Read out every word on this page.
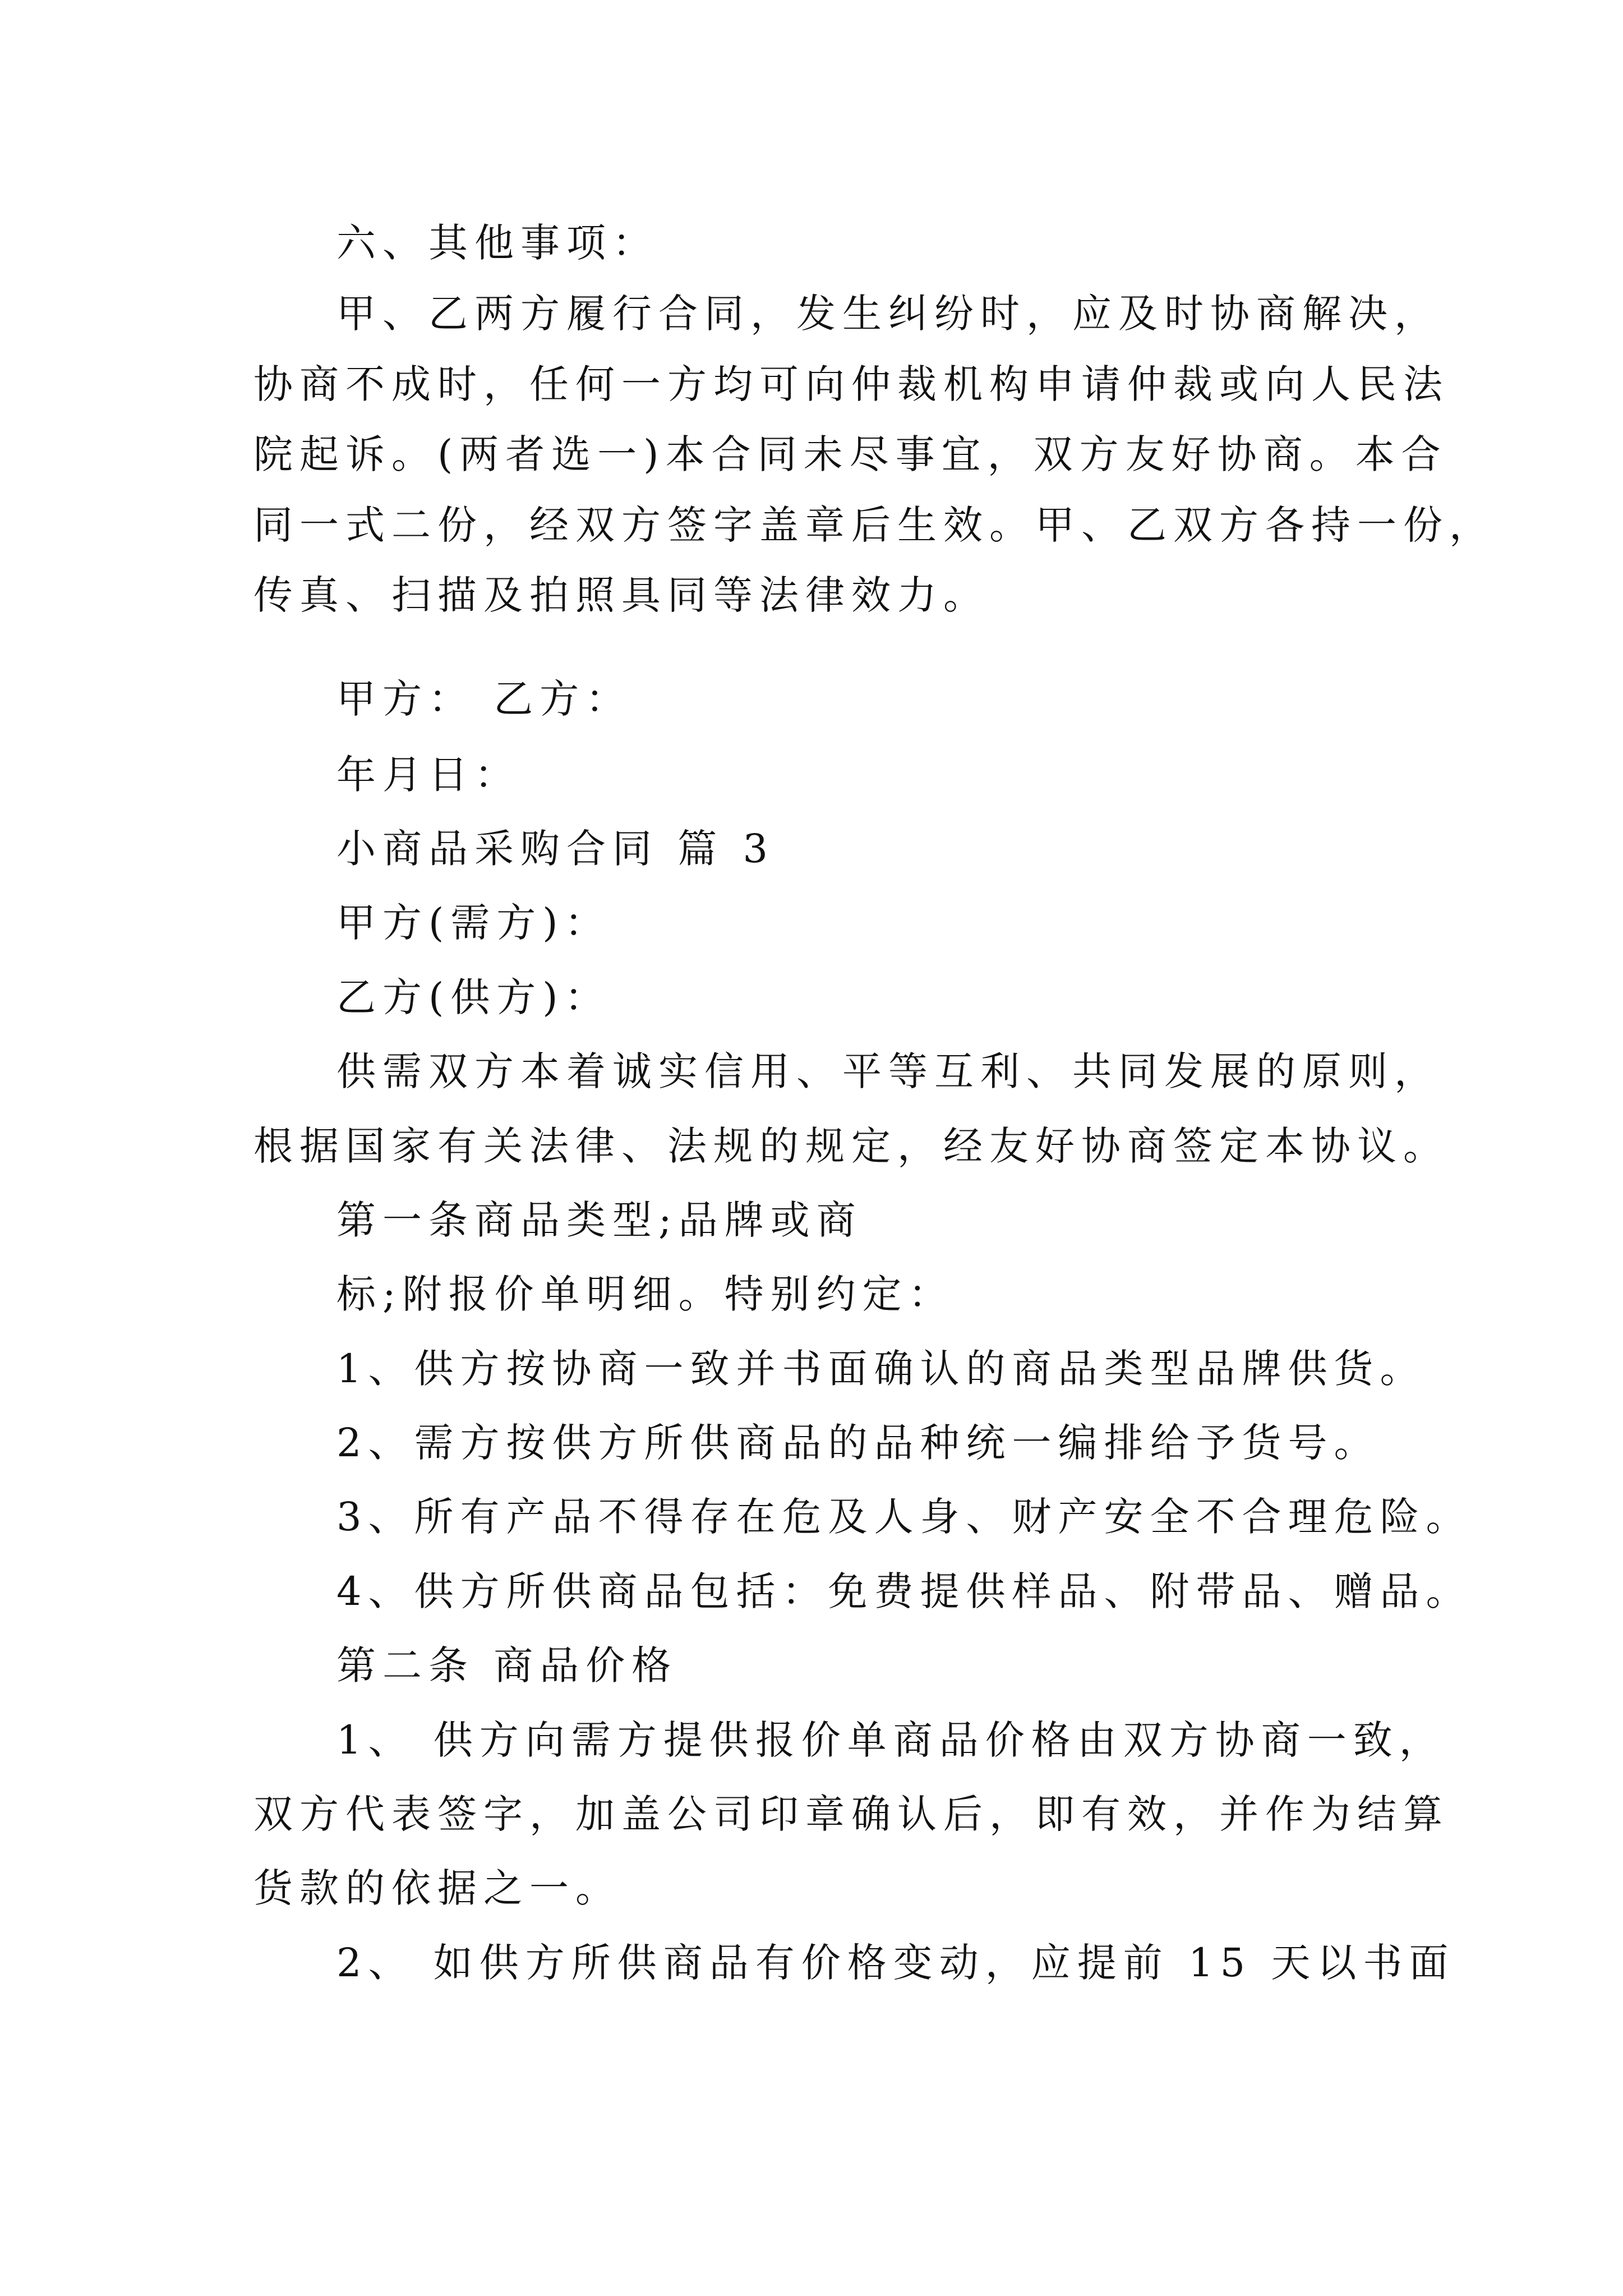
六、其他事项：
甲、乙两方履行合同，发生纠纷时，应及时协商解决，
协商不成时，任何一方均可向仲裁机构申请仲裁或向人民法
院起诉。(两者选一)本合同未尽事宜，双方友好协商。本合
同一式二份，经双方签字盖章后生效。甲、乙双方各持一份，
传真、扫描及拍照具同等法律效力。
甲方： 乙方：
年月日：
小商品采购合同 篇 3
甲方(需方)：
乙方(供方)：
供需双方本着诚实信用、平等互利、共同发展的原则，
根据国家有关法律、法规的规定，经友好协商签定本协议。
第一条商品类型;品牌或商
标;附报价单明细。特别约定：
1、供方按协商一致并书面确认的商品类型品牌供货。
2、需方按供方所供商品的品种统一编排给予货号。
3、所有产品不得存在危及人身、财产安全不合理危险。
4、供方所供商品包括：免费提供样品、附带品、赠品。
第二条 商品价格
1、 供方向需方提供报价单商品价格由双方协商一致，
双方代表签字，加盖公司印章确认后，即有效，并作为结算
货款的依据之一。
2、 如供方所供商品有价格变动，应提前 15 天以书面
